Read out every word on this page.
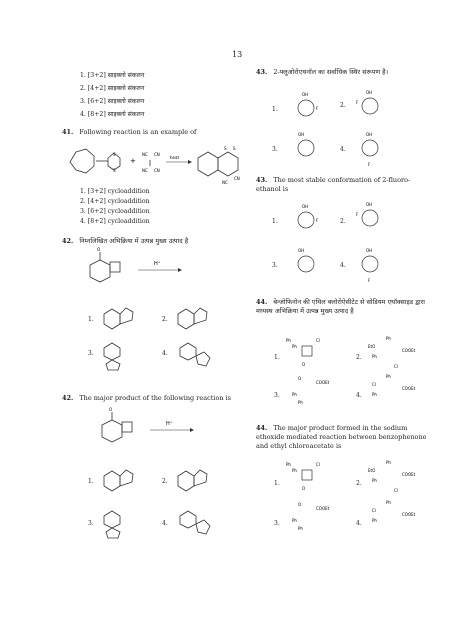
13
1. [3+2] साइक्लो संकलन
2. [4+2] साइक्लो संकलन
3. [6+2] साइक्लो संकलन
4. [8+2] साइक्लो संकलन
41. Following reaction is an example of
S
S
+
NC CN
NC CN
heat
S S
NC
CN
1. [3+2] cycloaddition
2. [4+2] cycloaddition
3. [6+2] cycloaddition
4. [8+2] cycloaddition
42. निम्नलिखित अभिक्रिया में उत्पन्न मुख्य उत्पाद है
O
H⁺
1.	2.
3.	4.
42. The major product of the following reaction is
O
H⁺
1.	2.
3.	4.
43. 2-फ्लुओरोएथनॉल का सर्वाधिक स्थिर संरूपण है।
1.
OH
F	2.
OH
F
3.
OH
4.
OH
F
43. The most stable conformation of 2-fluoro-ethanol is
1.
OH
F	2.
OH
F
3.
OH
4.
OH
F
44. बेन्जोफिनोन की एथिल क्लोरोऐसीटेट से सोडियम एथॉक्साइड द्वारा मध्यस्थ अभिक्रिया में उत्पन्न मुख्य उत्पाद है
1.
Ph
Ph
Cl
O
2.
Ph
EtO
COOEt
Ph
Cl
3.
O
COOEt
Ph
Ph
4.
Ph
Cl
COOEt
Ph
44. The major product formed in the sodium ethoxide mediated reaction between benzophenone and ethyl chloroacetate is
1.
Ph
Ph
Cl
O
2.
Ph
EtO
COOEt
Ph
Cl
3.
O
COOEt
Ph
Ph
4.
Ph
Cl
COOEt
Ph
